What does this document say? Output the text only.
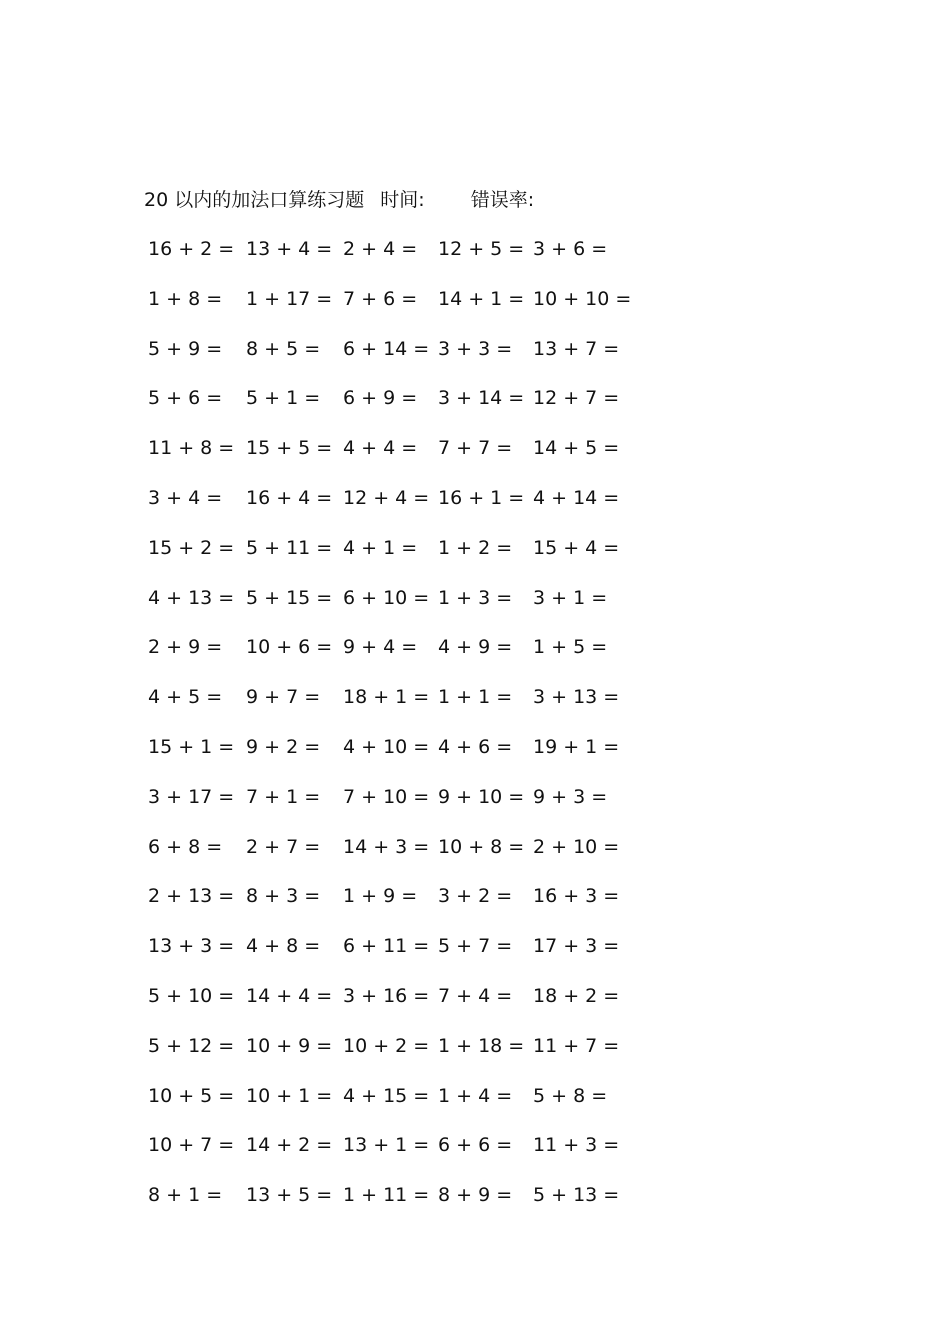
20 以内的加法口算练习题 时间: 错误率:
16 + 2 = 13 + 4 = 2 + 4 = 12 + 5 = 3 + 6 =
1 + 8 = 1 + 17 = 7 + 6 = 14 + 1 = 10 + 10 =
5 + 9 = 8 + 5 = 6 + 14 = 3 + 3 = 13 + 7 =
5 + 6 = 5 + 1 = 6 + 9 = 3 + 14 = 12 + 7 =
11 + 8 = 15 + 5 = 4 + 4 = 7 + 7 = 14 + 5 =
3 + 4 = 16 + 4 = 12 + 4 = 16 + 1 = 4 + 14 =
15 + 2 = 5 + 11 = 4 + 1 = 1 + 2 = 15 + 4 =
4 + 13 = 5 + 15 = 6 + 10 = 1 + 3 = 3 + 1 =
2 + 9 = 10 + 6 = 9 + 4 = 4 + 9 = 1 + 5 =
4 + 5 = 9 + 7 = 18 + 1 = 1 + 1 = 3 + 13 =
15 + 1 = 9 + 2 = 4 + 10 = 4 + 6 = 19 + 1 =
3 + 17 = 7 + 1 = 7 + 10 = 9 + 10 = 9 + 3 =
6 + 8 = 2 + 7 = 14 + 3 = 10 + 8 = 2 + 10 =
2 + 13 = 8 + 3 = 1 + 9 = 3 + 2 = 16 + 3 =
13 + 3 = 4 + 8 = 6 + 11 = 5 + 7 = 17 + 3 =
5 + 10 = 14 + 4 = 3 + 16 = 7 + 4 = 18 + 2 =
5 + 12 = 10 + 9 = 10 + 2 = 1 + 18 = 11 + 7 =
10 + 5 = 10 + 1 = 4 + 15 = 1 + 4 = 5 + 8 =
10 + 7 = 14 + 2 = 13 + 1 = 6 + 6 = 11 + 3 =
8 + 1 = 13 + 5 = 1 + 11 = 8 + 9 = 5 + 13 =
